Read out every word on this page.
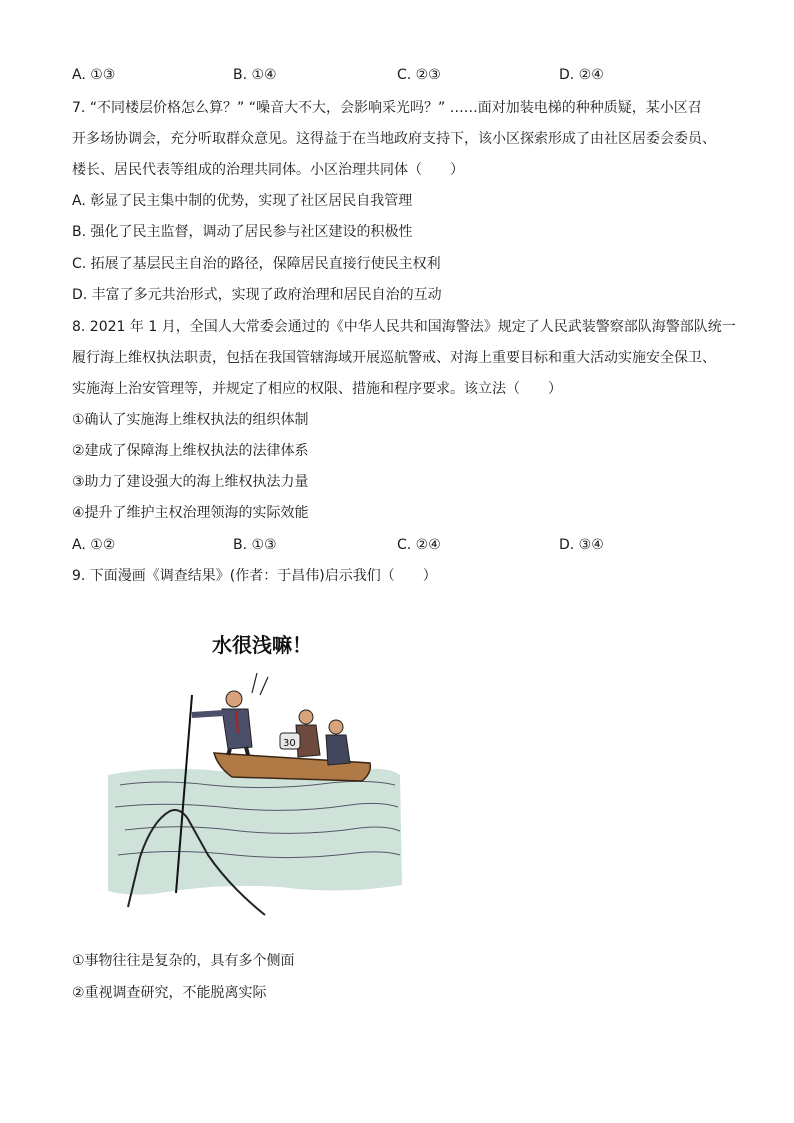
A. ①③	B. ①④	C. ②③	D. ②④
7. “不同楼层价格怎么算？” “噪音大不大，会影响采光吗？” ……面对加装电梯的种种质疑，某小区召
开多场协调会，充分听取群众意见。这得益于在当地政府支持下，该小区探索形成了由社区居委会委员、
楼长、居民代表等组成的治理共同体。小区治理共同体（　　）
A. 彰显了民主集中制的优势，实现了社区居民自我管理
B. 强化了民主监督，调动了居民参与社区建设的积极性
C. 拓展了基层民主自治的路径，保障居民直接行使民主权利
D. 丰富了多元共治形式，实现了政府治理和居民自治的互动
8. 2021 年 1 月，全国人大常委会通过的《中华人民共和国海警法》规定了人民武装警察部队海警部队统一
履行海上维权执法职责，包括在我国管辖海域开展巡航警戒、对海上重要目标和重大活动实施安全保卫、
实施海上治安管理等，并规定了相应的权限、措施和程序要求。该立法（　　）
①确认了实施海上维权执法的组织体制
②建成了保障海上维权执法的法律体系
③助力了建设强大的海上维权执法力量
④提升了维护主权治理领海的实际效能
A. ①②	B. ①③	C. ②④	D. ③④
9. 下面漫画《调查结果》(作者：于昌伟)启示我们（　　）
水很浅嘛！
30
①事物往往是复杂的，具有多个侧面
②重视调查研究，不能脱离实际
